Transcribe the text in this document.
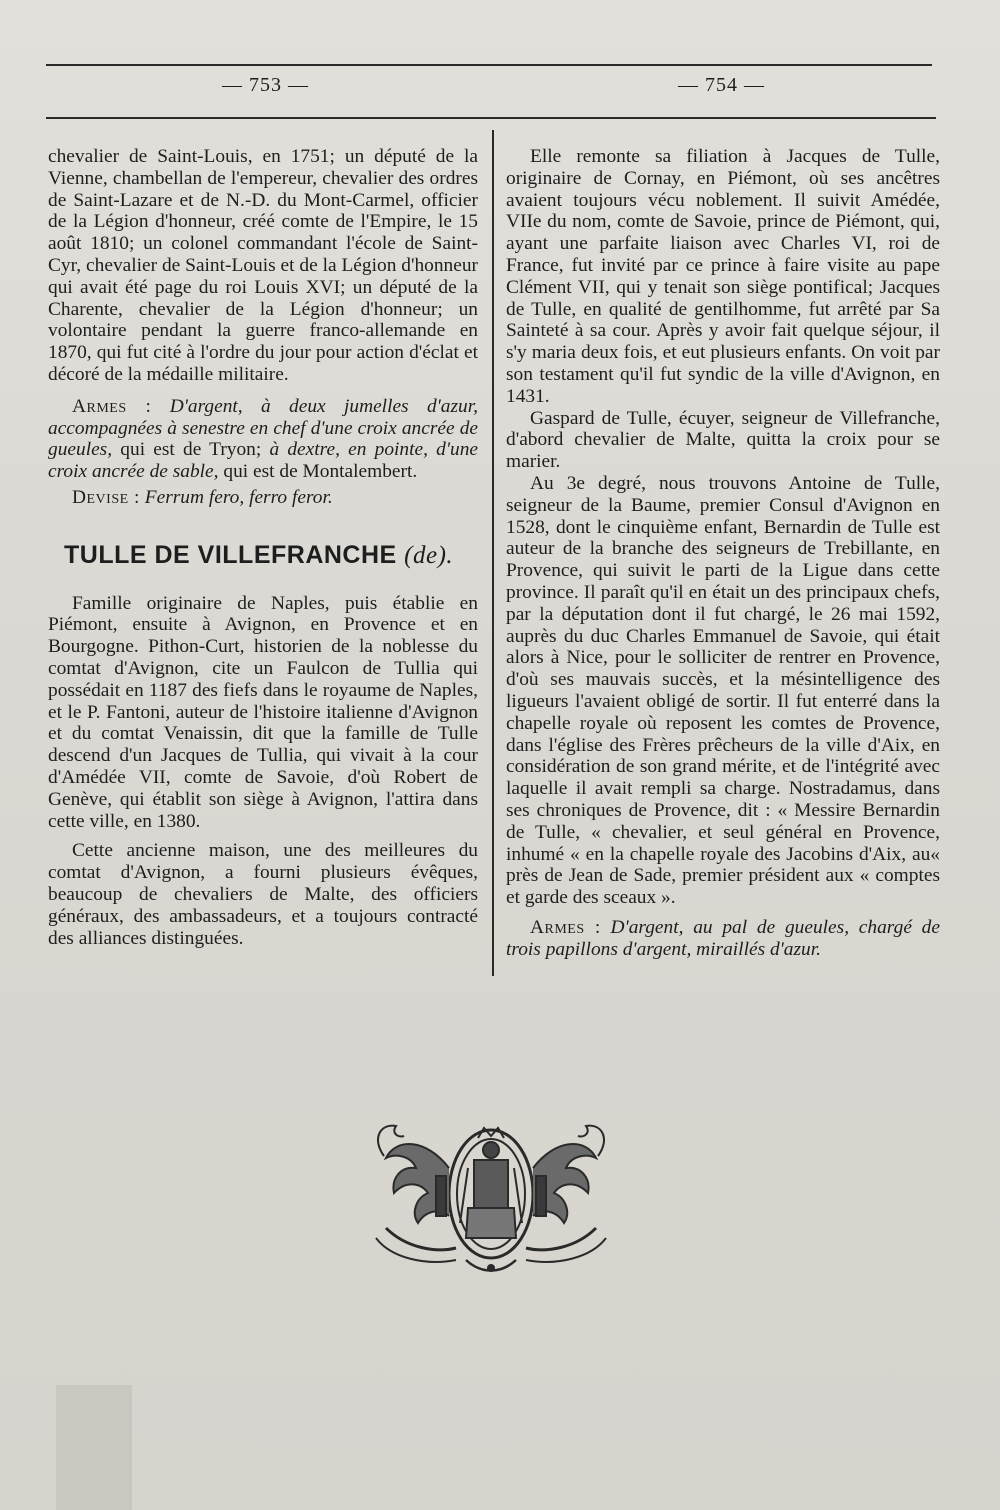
— 753 —	— 754 —

chevalier de Saint-Louis, en 1751; un député de la Vienne, chambellan de l'empereur, chevalier des ordres de Saint-Lazare et de N.-D. du Mont-Carmel, officier de la Légion d'honneur, créé comte de l'Empire, le 15 août 1810; un colonel commandant l'école de Saint-Cyr, chevalier de Saint-Louis et de la Légion d'honneur qui avait été page du roi Louis XVI; un député de la Charente, chevalier de la Légion d'honneur; un volontaire pendant la guerre franco-allemande en 1870, qui fut cité à l'ordre du jour pour action d'éclat et décoré de la médaille militaire.

Armes : D'argent, à deux jumelles d'azur, accompagnées à senestre en chef d'une croix ancrée de gueules, qui est de Tryon; à dextre, en pointe, d'une croix ancrée de sable, qui est de Montalembert.

Devise : Ferrum fero, ferro feror.

TULLE DE VILLEFRANCHE (de).

Famille originaire de Naples, puis établie en Piémont, ensuite à Avignon, en Provence et en Bourgogne. Pithon-Curt, historien de la noblesse du comtat d'Avignon, cite un Faulcon de Tullia qui possédait en 1187 des fiefs dans le royaume de Naples, et le P. Fantoni, auteur de l'histoire italienne d'Avignon et du comtat Venaissin, dit que la famille de Tulle descend d'un Jacques de Tullia, qui vivait à la cour d'Amédée VII, comte de Savoie, d'où Robert de Genève, qui établit son siège à Avignon, l'attira dans cette ville, en 1380.

Cette ancienne maison, une des meilleures du comtat d'Avignon, a fourni plusieurs évêques, beaucoup de chevaliers de Malte, des officiers généraux, des ambassadeurs, et a toujours contracté des alliances distinguées.

Elle remonte sa filiation à Jacques de Tulle, originaire de Cornay, en Piémont, où ses ancêtres avaient toujours vécu noblement. Il suivit Amédée, VIIe du nom, comte de Savoie, prince de Piémont, qui, ayant une parfaite liaison avec Charles VI, roi de France, fut invité par ce prince à faire visite au pape Clément VII, qui y tenait son siège pontifical; Jacques de Tulle, en qualité de gentilhomme, fut arrêté par Sa Sainteté à sa cour. Après y avoir fait quelque séjour, il s'y maria deux fois, et eut plusieurs enfants. On voit par son testament qu'il fut syndic de la ville d'Avignon, en 1431.

Gaspard de Tulle, écuyer, seigneur de Villefranche, d'abord chevalier de Malte, quitta la croix pour se marier.

Au 3e degré, nous trouvons Antoine de Tulle, seigneur de la Baume, premier Consul d'Avignon en 1528, dont le cinquième enfant, Bernardin de Tulle est auteur de la branche des seigneurs de Trebillante, en Provence, qui suivit le parti de la Ligue dans cette province. Il paraît qu'il en était un des principaux chefs, par la députation dont il fut chargé, le 26 mai 1592, auprès du duc Charles Emmanuel de Savoie, qui était alors à Nice, pour le solliciter de rentrer en Provence, d'où ses mauvais succès, et la mésintelligence des ligueurs l'avaient obligé de sortir. Il fut enterré dans la chapelle royale où reposent les comtes de Provence, dans l'église des Frères prêcheurs de la ville d'Aix, en considération de son grand mérite, et de l'intégrité avec laquelle il avait rempli sa charge. Nostradamus, dans ses chroniques de Provence, dit : « Messire Bernardin de Tulle, « chevalier, et seul général en Provence, inhumé « en la chapelle royale des Jacobins d'Aix, au« près de Jean de Sade, premier président aux « comptes et garde des sceaux ».

Armes : D'argent, au pal de gueules, chargé de trois papillons d'argent, miraillés d'azur.
